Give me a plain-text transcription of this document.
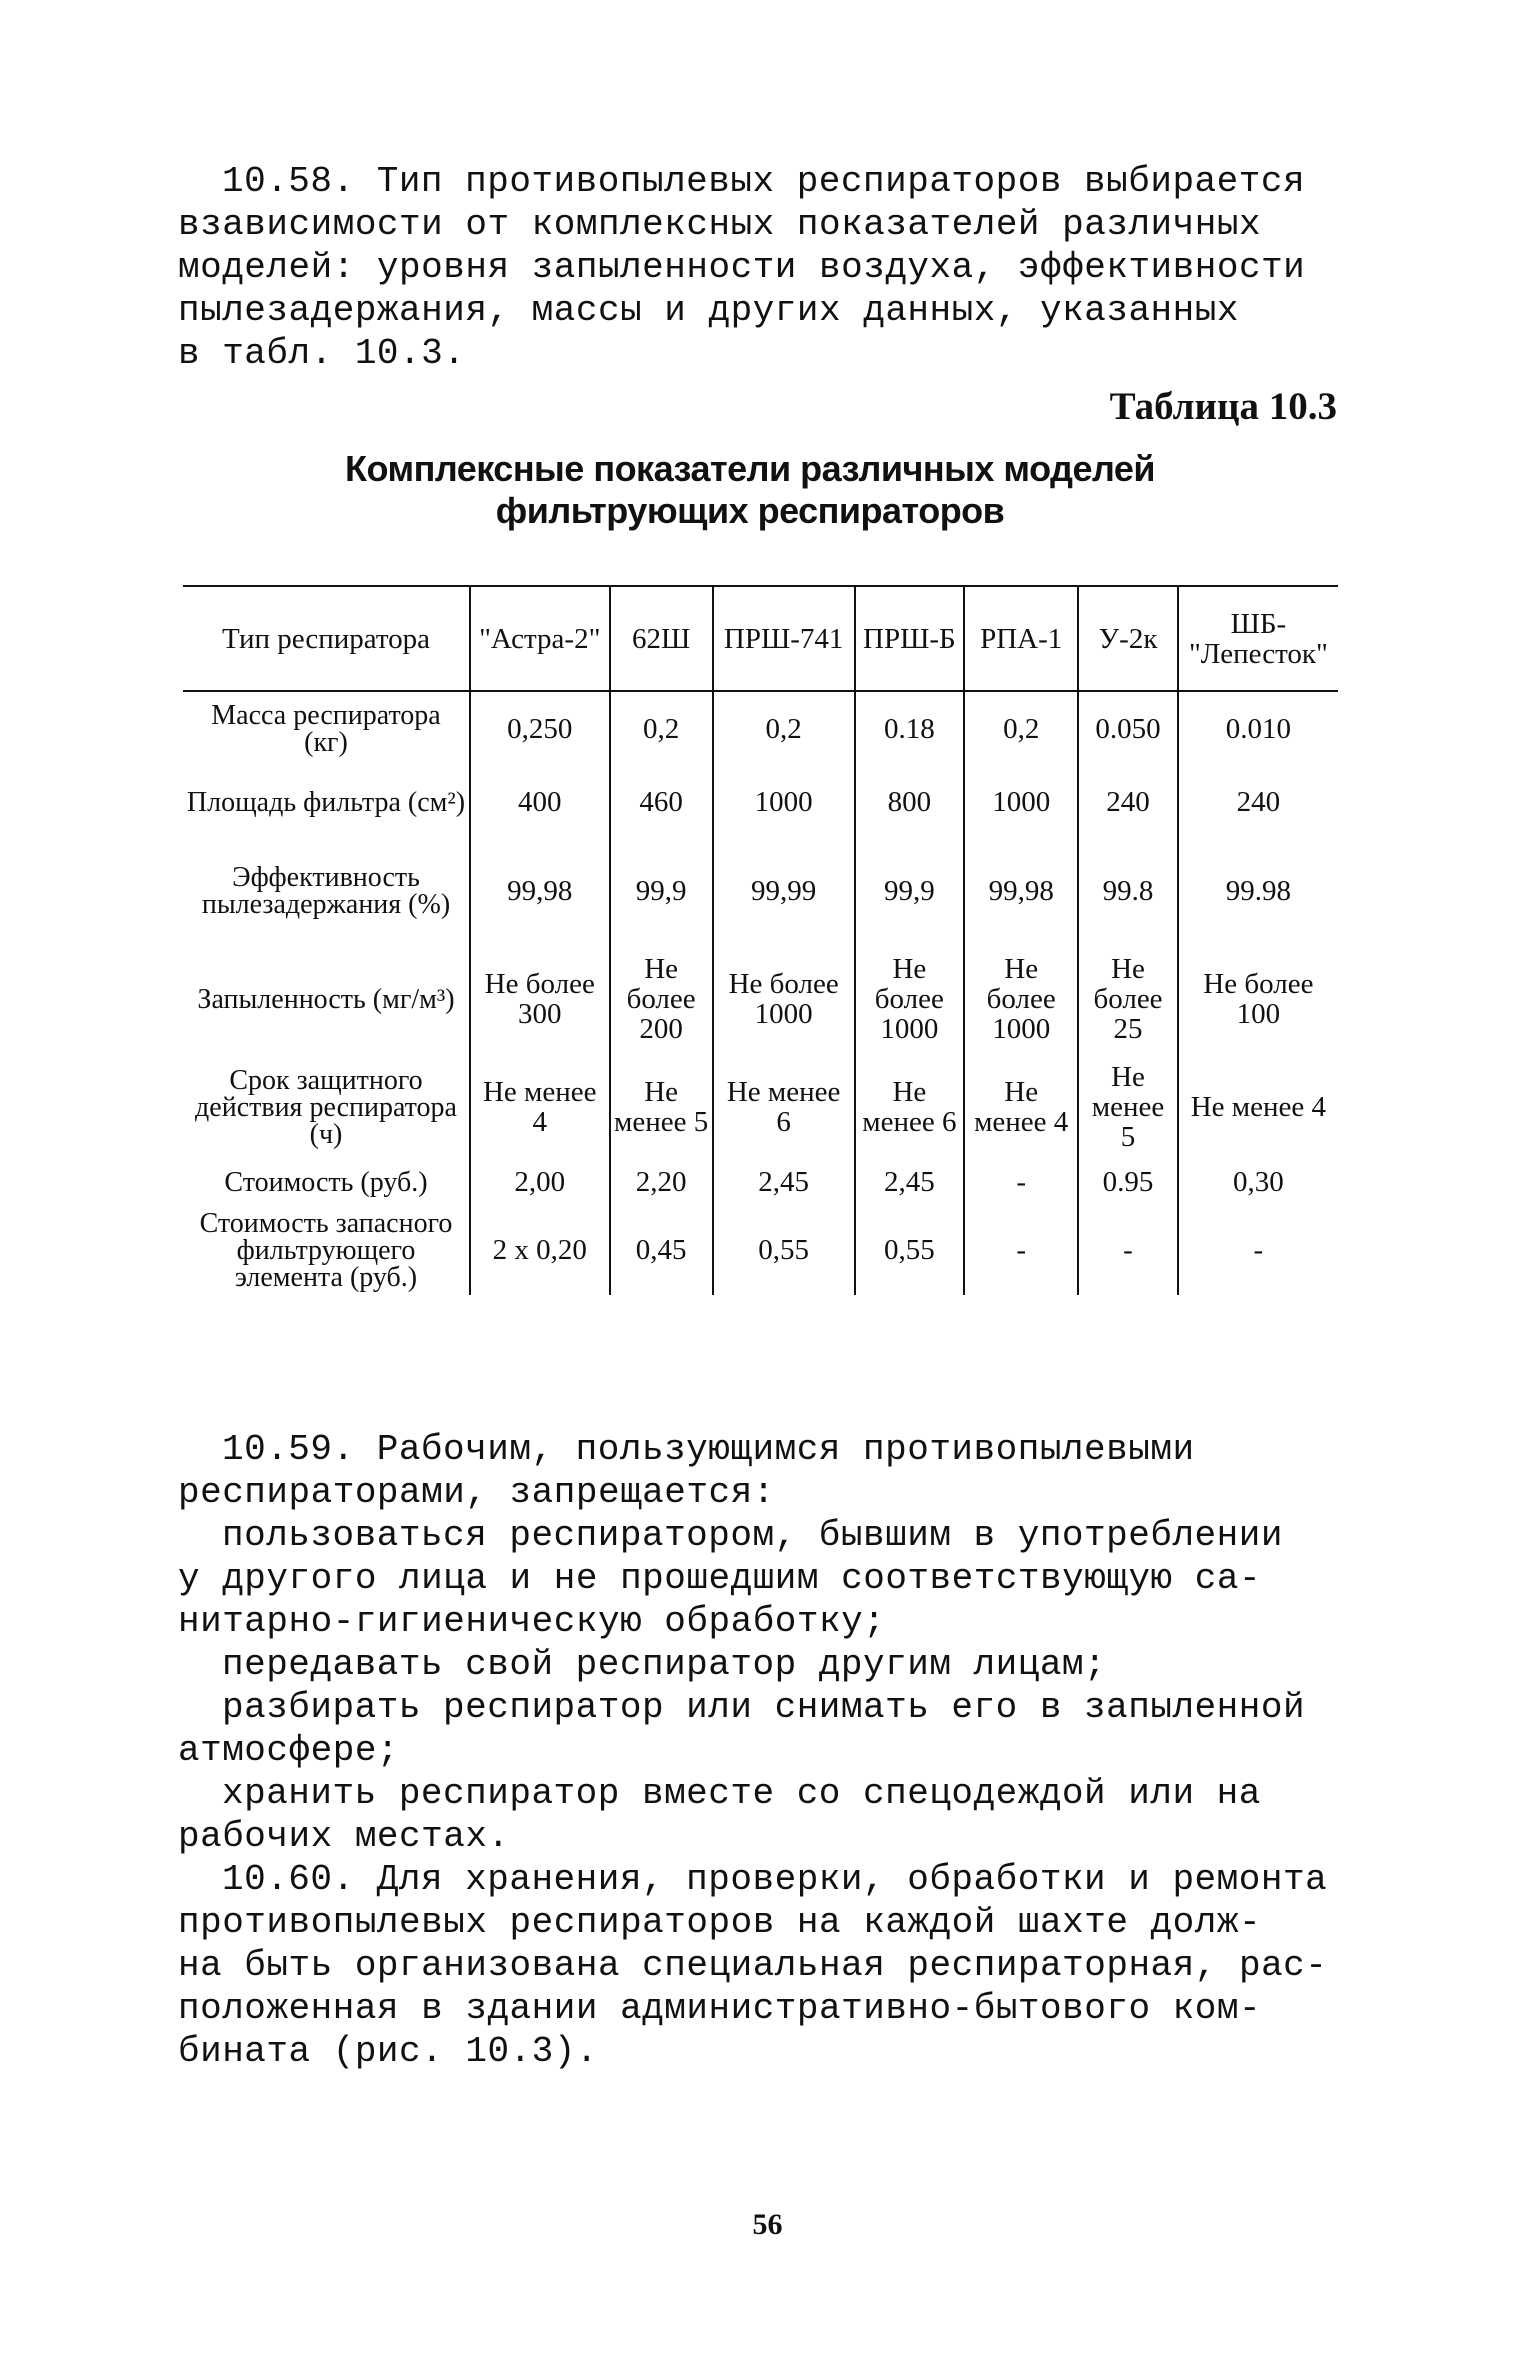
10.58. Тип противопылевых респираторов выбирается
взависимости от комплексных показателей различных
моделей: уровня запыленности воздуха, эффективности
пылезадержания, массы и других данных, указанных
в табл. 10.3.
Таблица 10.3
Комплексные показатели различных моделей
фильтрующих респираторов
Тип респиратора	"Астра-2"	62Ш	ПРШ-741	ПРШ-Б	РПА-1	У-2к	ШБ-"Лепесток"
Масса респиратора (кг)	0,250	0,2	0,2	0.18	0,2	0.050	0.010
Площадь фильтра (см²)	400	460	1000	800	1000	240	240
Эффективность пылезадержания (%)	99,98	99,9	99,99	99,9	99,98	99.8	99.98
Запыленность (мг/м³)	Не более 300	Не более 200	Не более 1000	Не более 1000	Не более 1000	Не более 25	Не более 100
Срок защитного действия респиратора (ч)	Не менее 4	Не менее 5	Не менее 6	Не менее 6	Не менее 4	Не менее 5	Не менее 4
Стоимость (руб.)	2,00	2,20	2,45	2,45	-	0.95	0,30
Стоимость запасного фильтрующего элемента (руб.)	2 x 0,20	0,45	0,55	0,55	-	-	-
10.59. Рабочим, пользующимся противопылевыми
респираторами, запрещается:
пользоваться респиратором, бывшим в употреблении
у другого лица и не прошедшим соответствующую са-
нитарно-гигиеническую обработку;
передавать свой респиратор другим лицам;
разбирать респиратор или снимать его в запыленной
атмосфере;
хранить респиратор вместе со спецодеждой или на
рабочих местах.
10.60. Для хранения, проверки, обработки и ремонта
противопылевых респираторов на каждой шахте долж-
на быть организована специальная респираторная, рас-
положенная в здании административно-бытового ком-
бината (рис. 10.3).
56
